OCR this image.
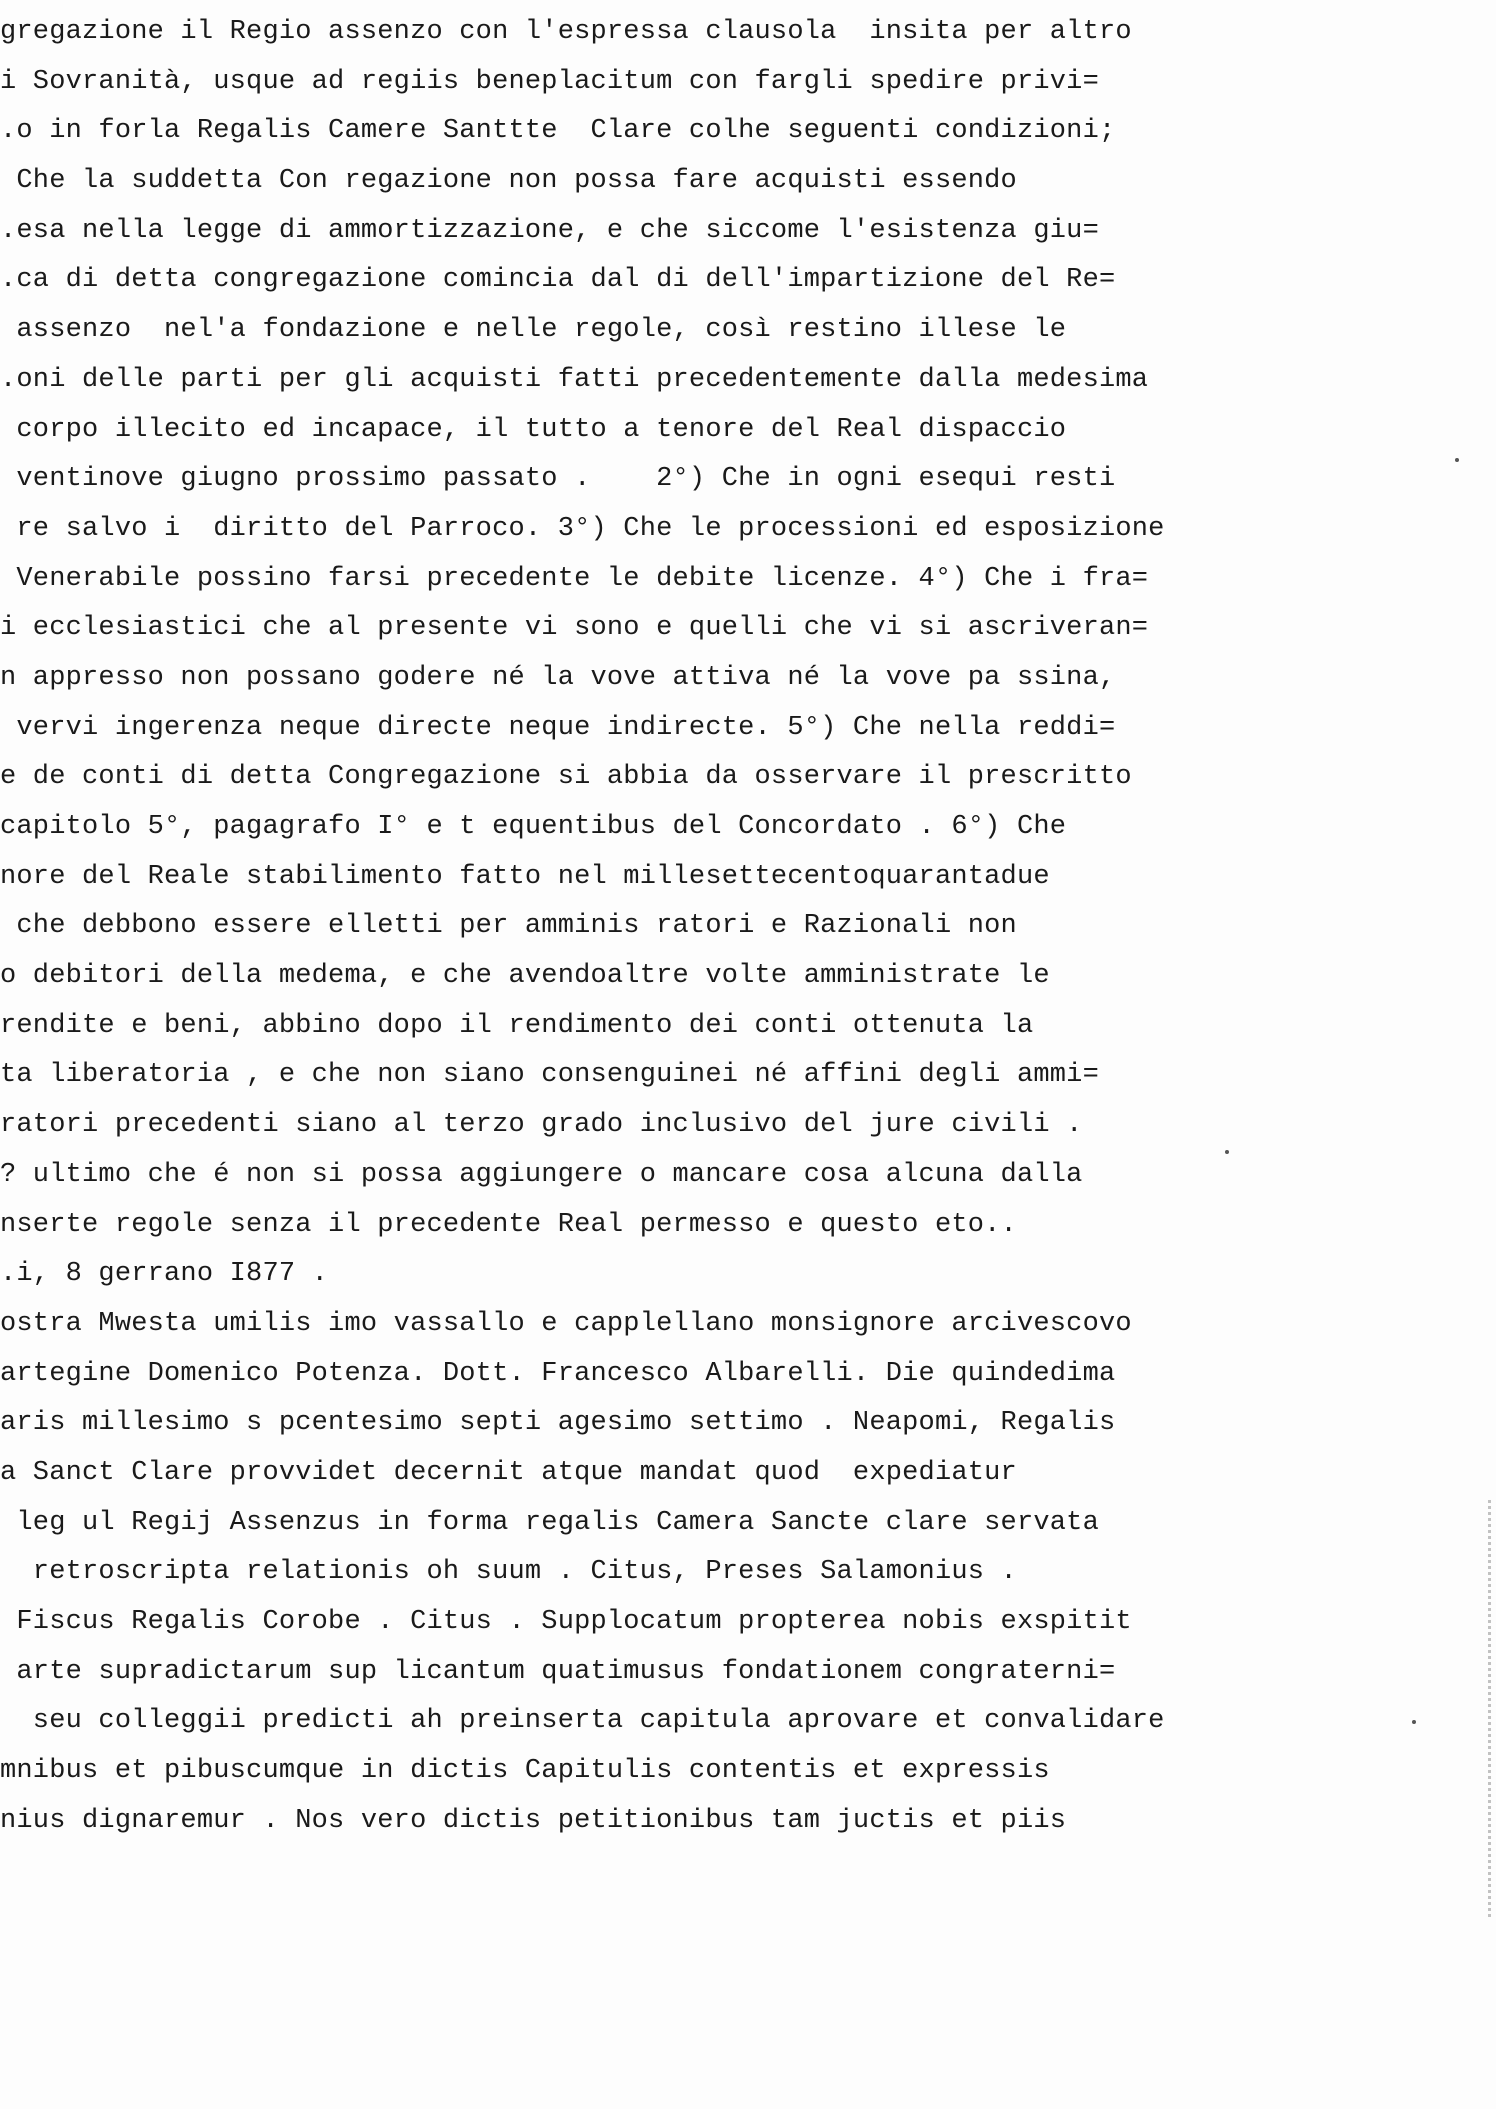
gregazione il Regio assenzo con l'espressa clausola  insita per altro
i Sovranità, usque ad regiis beneplacitum con fargli spedire privi=
.o in forla Regalis Camere Santtte  Clare colhe seguenti condizioni;
Che la suddetta Con regazione non possa fare acquisti essendo
.esa nella legge di ammortizzazione, e che siccome l'esistenza giu=
.ca di detta congregazione comincia dal di dell'impartizione del Re=
assenzo  nel'a fondazione e nelle regole, così restino illese le
.oni delle parti per gli acquisti fatti precedentemente dalla medesima
corpo illecito ed incapace, il tutto a tenore del Real dispaccio
ventinove giugno prossimo passato .    2°) Che in ogni esequi resti
re salvo i  diritto del Parroco. 3°) Che le processioni ed esposizione
Venerabile possino farsi precedente le debite licenze. 4°) Che i fra=
i ecclesiastici che al presente vi sono e quelli che vi si ascriveran=
n appresso non possano godere né la vove attiva né la vove pa ssina,
vervi ingerenza neque directe neque indirecte. 5°) Che nella reddi=
e de conti di detta Congregazione si abbia da osservare il prescritto
capitolo 5°, pagagrafo I° e t equentibus del Concordato . 6°) Che
nore del Reale stabilimento fatto nel millesettecentoquarantadue
che debbono essere elletti per amminis ratori e Razionali non
o debitori della medema, e che avendoaltre volte amministrate le
rendite e beni, abbino dopo il rendimento dei conti ottenuta la
ta liberatoria , e che non siano consenguinei né affini degli ammi=
ratori precedenti siano al terzo grado inclusivo del jure civili .
? ultimo che é non si possa aggiungere o mancare cosa alcuna dalla
nserte regole senza il precedente Real permesso e questo eto..
.i, 8 gerrano I877 .
ostra Mwesta umilis imo vassallo e capplellano monsignore arcivescovo
artegine Domenico Potenza. Dott. Francesco Albarelli. Die quindedima
aris millesimo s pcentesimo septi agesimo settimo . Neapomi, Regalis
a Sanct Clare provvidet decernit atque mandat quod  expediatur
leg ul Regij Assenzus in forma regalis Camera Sancte clare servata
retroscripta relationis oh suum . Citus, Preses Salamonius .
Fiscus Regalis Corobe . Citus . Supplocatum propterea nobis exspitit
arte supradictarum sup licantum quatimusus fondationem congraterni=
seu colleggii predicti ah preinserta capitula aprovare et convalidare
mnibus et pibuscumque in dictis Capitulis contentis et expressis
nius dignaremur . Nos vero dictis petitionibus tam juctis et piis
